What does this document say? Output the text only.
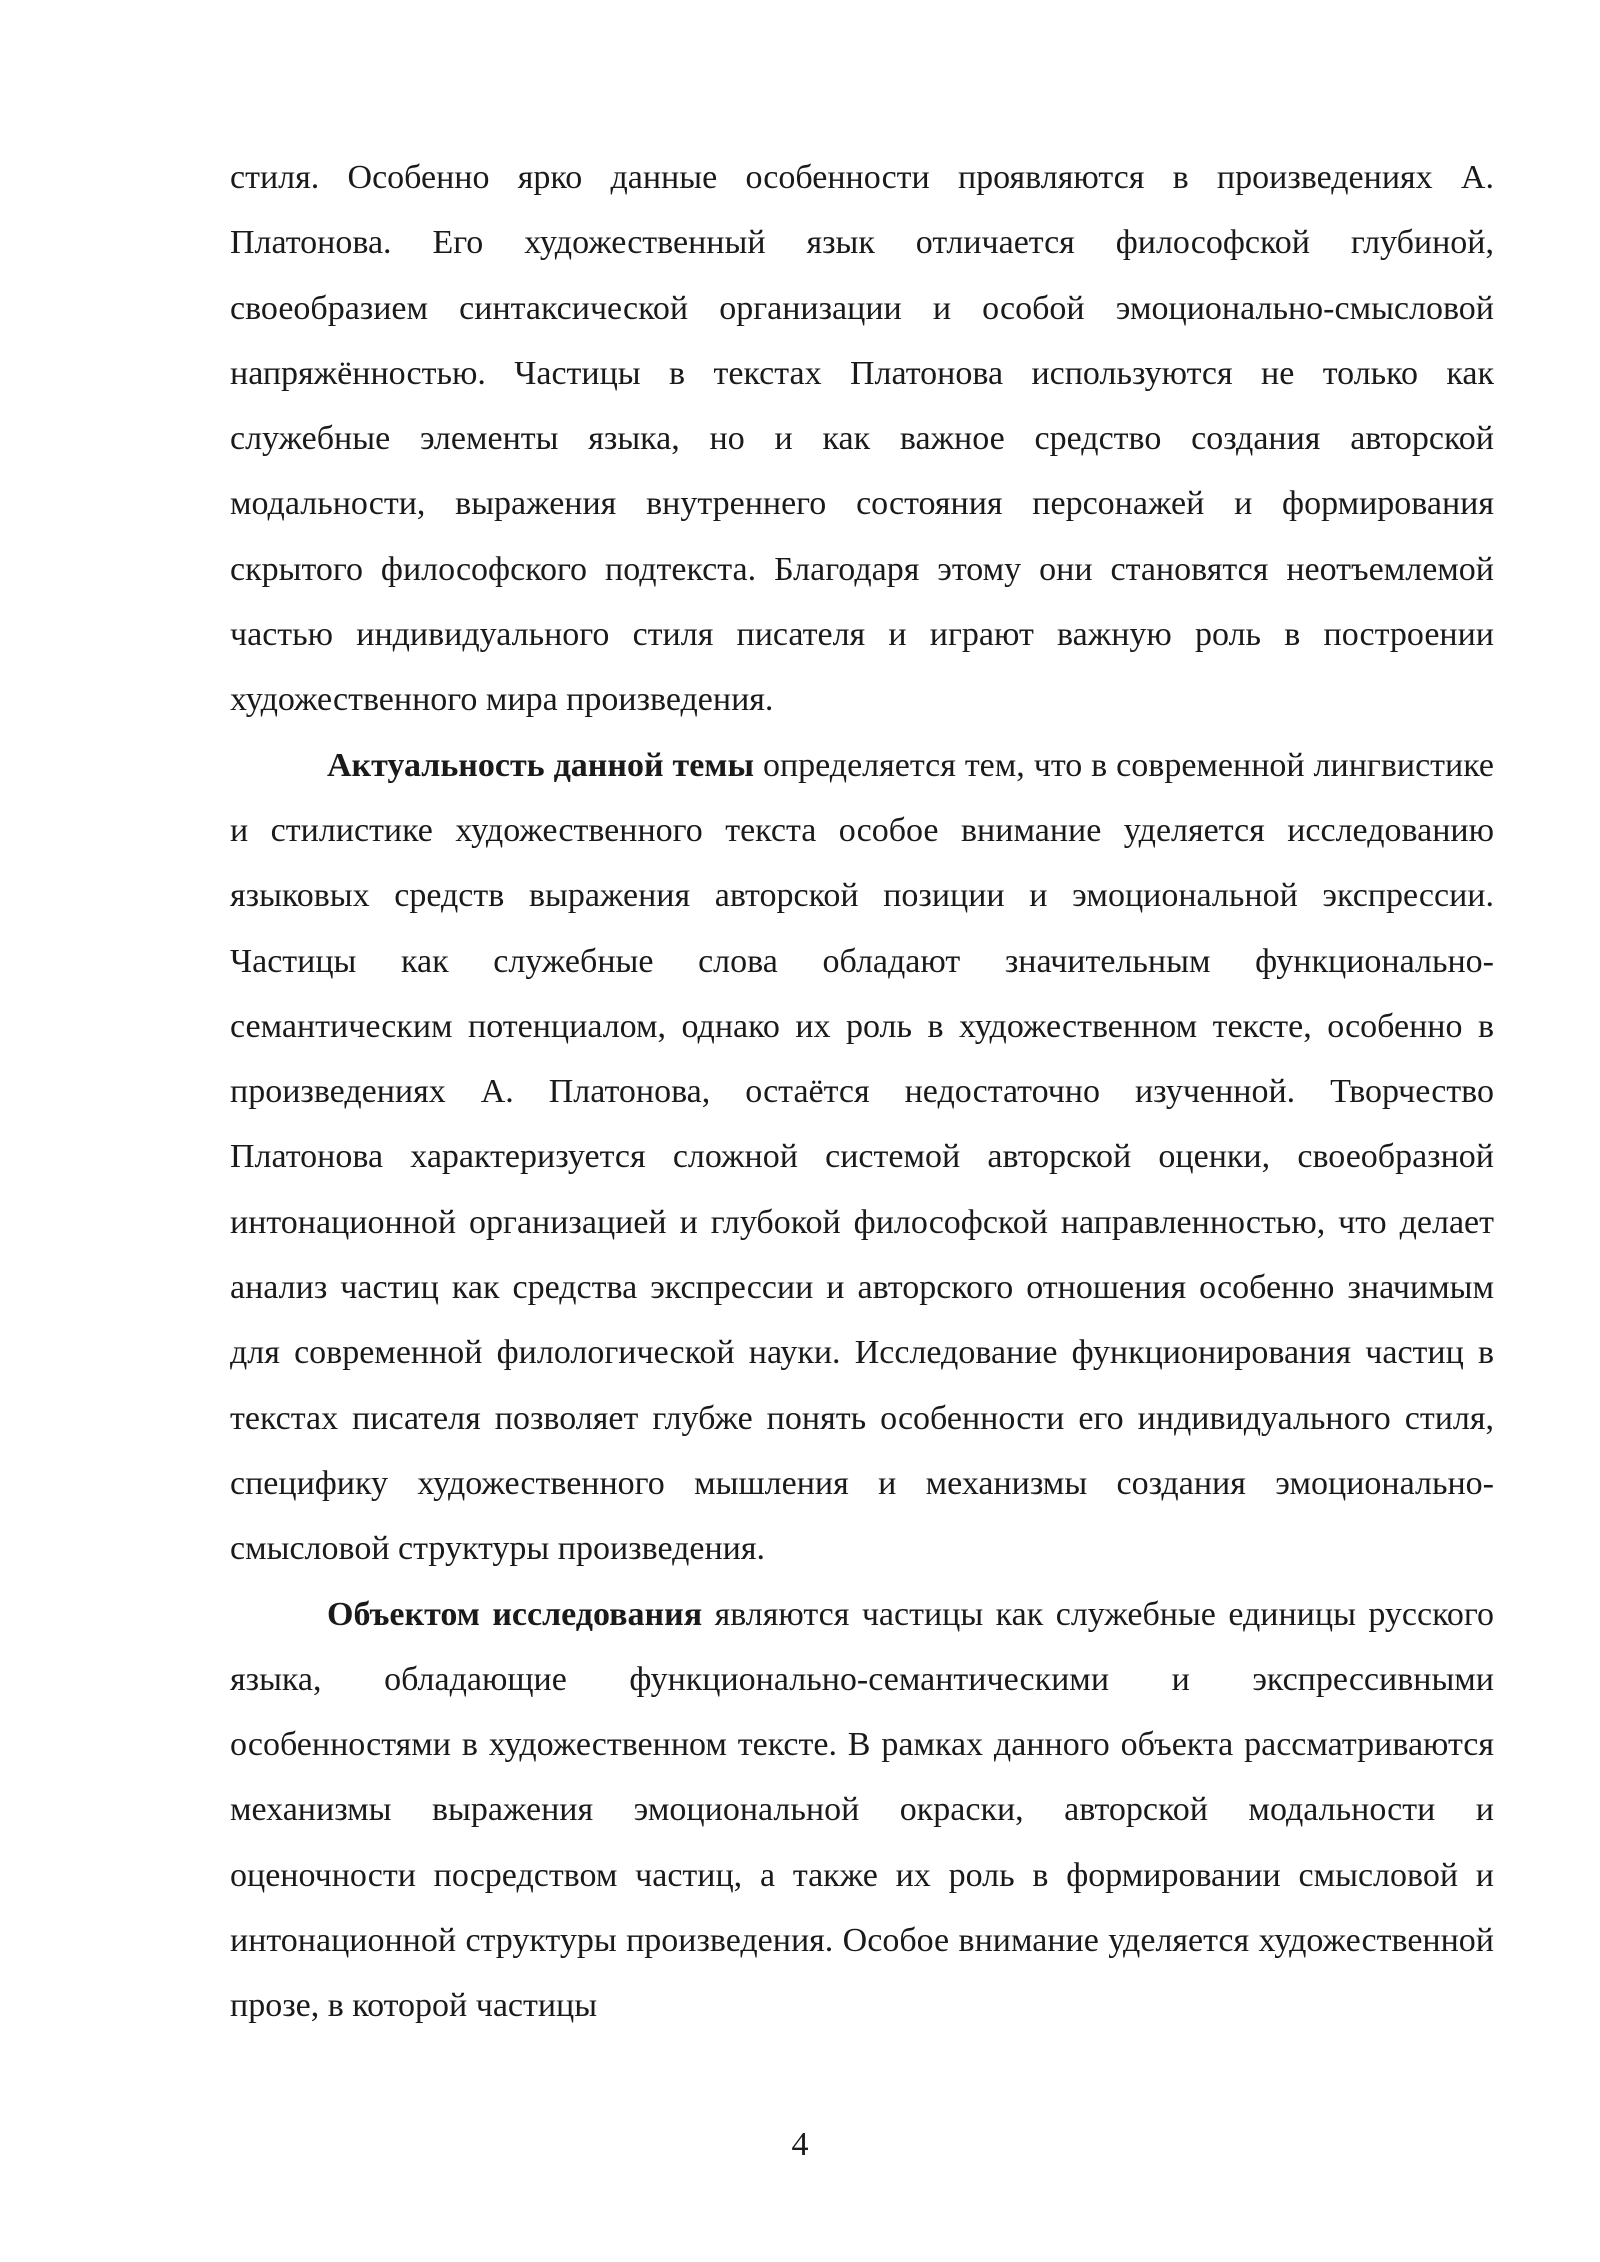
стиля. Особенно ярко данные особенности проявляются в произведениях А. Платонова. Его художественный язык отличается философской глубиной, своеобразием синтаксической организации и особой эмоционально-смысловой напряжённостью. Частицы в текстах Платонова используются не только как служебные элементы языка, но и как важное средство создания авторской модальности, выражения внутреннего состояния персонажей и формирования скрытого философского подтекста. Благодаря этому они становятся неотъемлемой частью индивидуального стиля писателя и играют важную роль в построении художественного мира произведения.

Актуальность данной темы определяется тем, что в современной лингвистике и стилистике художественного текста особое внимание уделяется исследованию языковых средств выражения авторской позиции и эмоциональной экспрессии. Частицы как служебные слова обладают значительным функционально-семантическим потенциалом, однако их роль в художественном тексте, особенно в произведениях А. Платонова, остаётся недостаточно изученной. Творчество Платонова характеризуется сложной системой авторской оценки, своеобразной интонационной организацией и глубокой философской направленностью, что делает анализ частиц как средства экспрессии и авторского отношения особенно значимым для современной филологической науки. Исследование функционирования частиц в текстах писателя позволяет глубже понять особенности его индивидуального стиля, специфику художественного мышления и механизмы создания эмоционально-смысловой структуры произведения.

Объектом исследования являются частицы как служебные единицы русского языка, обладающие функционально-семантическими и экспрессивными особенностями в художественном тексте. В рамках данного объекта рассматриваются механизмы выражения эмоциональной окраски, авторской модальности и оценочности посредством частиц, а также их роль в формировании смысловой и интонационной структуры произведения. Особое внимание уделяется художественной прозе, в которой частицы

4
